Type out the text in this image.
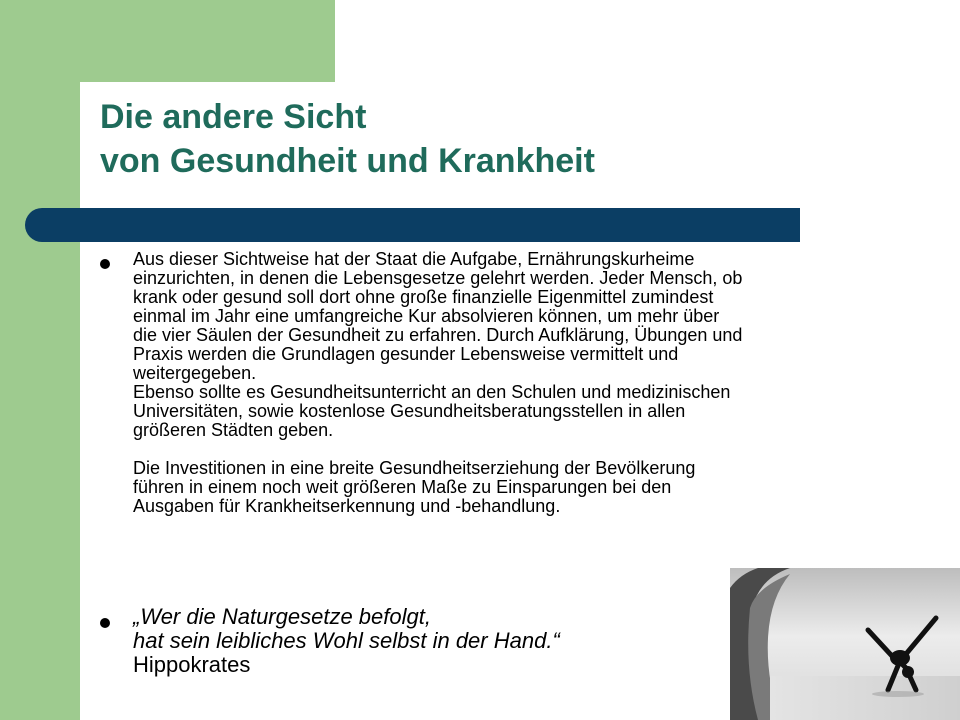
Die andere Sicht
von Gesundheit und Krankheit
Aus dieser Sichtweise hat der Staat die Aufgabe, Ernährungskurheime
einzurichten, in denen die Lebensgesetze gelehrt werden. Jeder Mensch, ob
krank oder gesund soll dort ohne große finanzielle Eigenmittel zumindest
einmal im Jahr eine umfangreiche Kur absolvieren können, um mehr über
die vier Säulen der Gesundheit zu erfahren. Durch Aufklärung, Übungen und
Praxis werden die Grundlagen gesunder Lebensweise vermittelt und
weitergegeben.
Ebenso sollte es Gesundheitsunterricht an den Schulen und medizinischen
Universitäten, sowie kostenlose Gesundheitsberatungsstellen in allen
größeren Städten geben.
Die Investitionen in eine breite Gesundheitserziehung der Bevölkerung
führen in einem noch weit größeren Maße zu Einsparungen bei den
Ausgaben für Krankheitserkennung und -behandlung.
„Wer die Naturgesetze befolgt,
hat sein leibliches Wohl selbst in der Hand.“
Hippokrates
